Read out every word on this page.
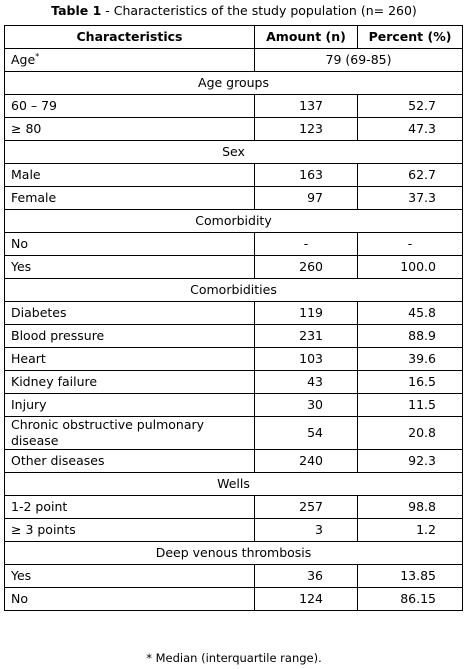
Table 1 - Characteristics of the study population (n= 260)
Characteristics	Amount (n)	Percent (%)
Age*	79 (69-85)	
Age groups		
60 – 79	137	52.7
≥ 80	123	47.3
Sex		
Male	163	62.7
Female	97	37.3
Comorbidity		
No	-	-
Yes	260	100.0
Comorbidities		
Diabetes	119	45.8
Blood pressure	231	88.9
Heart	103	39.6
Kidney failure	43	16.5
Injury	30	11.5
Chronic obstructive pulmonary disease	54	20.8
Other diseases	240	92.3
Wells		
1-2 point	257	98.8
≥ 3 points	3	1.2
Deep venous thrombosis		
Yes	36	13.85
No	124	86.15
* Median (interquartile range).
